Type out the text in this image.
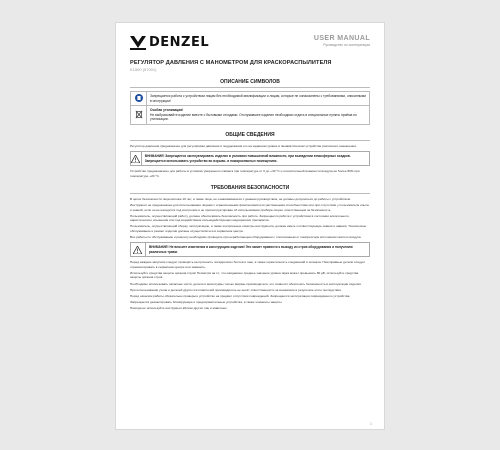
DENZEL	USER MANUAL
Руководство по эксплуатации
РЕГУЛЯТОР ДАВЛЕНИЯ С МАНОМЕТРОМ ДЛЯ КРАСКОРАСПЫЛИТЕЛЯ
K1500 (57001)
ОПИСАНИЕ СИМВОЛОВ
	Запрещается работа с устройством лицам без необходимой квалификации и лицам, которые не ознакомлены с требованиями, описанными в инструкции!
	Особая утилизация!
Не выбрасывайте изделие вместе с бытовыми отходами. Отслужившее изделие необходимо отдать в специальные пункты приёма по утилизации.
ОБЩИЕ СВЕДЕНИЯ
Регулятор давления предназначен для регулировки давления и поддержания его на заданном уровне в пневматическом устройстве различного назначения.
ВНИМАНИЕ! Запрещается эксплуатировать изделие в условиях повышенной влажности, при выпадении атмосферных осадков. Запрещается использовать устройство во взрыво- и пожароопасных помещениях.
Устройство предназначено для работы в условиях умеренного климата при температуре от 0 до +40 °С и относительной влажности воздуха не более 80% при температуре +20 °С.
ТРЕБОВАНИЯ БЕЗОПАСНОСТИ
В целях безопасности лица моложе 16 лет, а также лица, не ознакомившиеся с данным руководством, не должны допускаться до работы с устройством.
Инструмент не предназначен для использования лицами с ограниченными физическими или умственными способностями или при отсутствии у пользователя опыта и знаний, если он не находится под контролем и не проинструктирован об использовании прибора лицом, ответственным за безопасность.
Пользователь, осуществляющий работу, должен обеспечивать безопасность при работе. Запрещается работа с устройством в состоянии алкогольного, наркотического опьянения или под воздействием сильнодействующих медицинских препаратов.
Пользователь, осуществляющий сборку, эксплуатацию, а также контрольные осмотры инструмента, должен иметь соответствующие знания и навыки. Техническое обслуживание и ремонт изделия должны осуществляться в сервисном центре.
Все работы по обслуживанию и ремонту необходимо проводить при неработающем оборудовании с отключённым от компрессора источником сжатого воздуха.
ВНИМАНИЕ! Не вносите изменения в конструкцию изделия! Это может привести к выходу из строя оборудования и получению различных травм.
Перед каждым запуском следует проверить на прочность посадки всех болтов и гаек, а также герметичность соединений и шлангов. Неисправные детали следует отремонтировать в сервисном центре или заменить.
Используйте средства защиты органов слуха! Несмотря на то, что ожидаемое среднее значение уровня звука может превышать 80 дБ, используйте средства защиты органов слуха.
Необходимо использовать запасные части, детали и аксессуары только фирмы-производителя, это позволит обеспечить безопасность в эксплуатации изделия.
При использовании узлов и деталей других изготовителей производитель не несёт ответственности за возникшие в результате этого последствия.
Перед началом работы обязательно проверьте устройство на предмет отсутствия повреждений. Запрещается эксплуатация повреждённого устройства.
Запрещается демонтировать блокирующие и предохранительные устройства, а также элементы защиты.
Никогда не используйте инструмент вблизи других лиц и животных.
1
